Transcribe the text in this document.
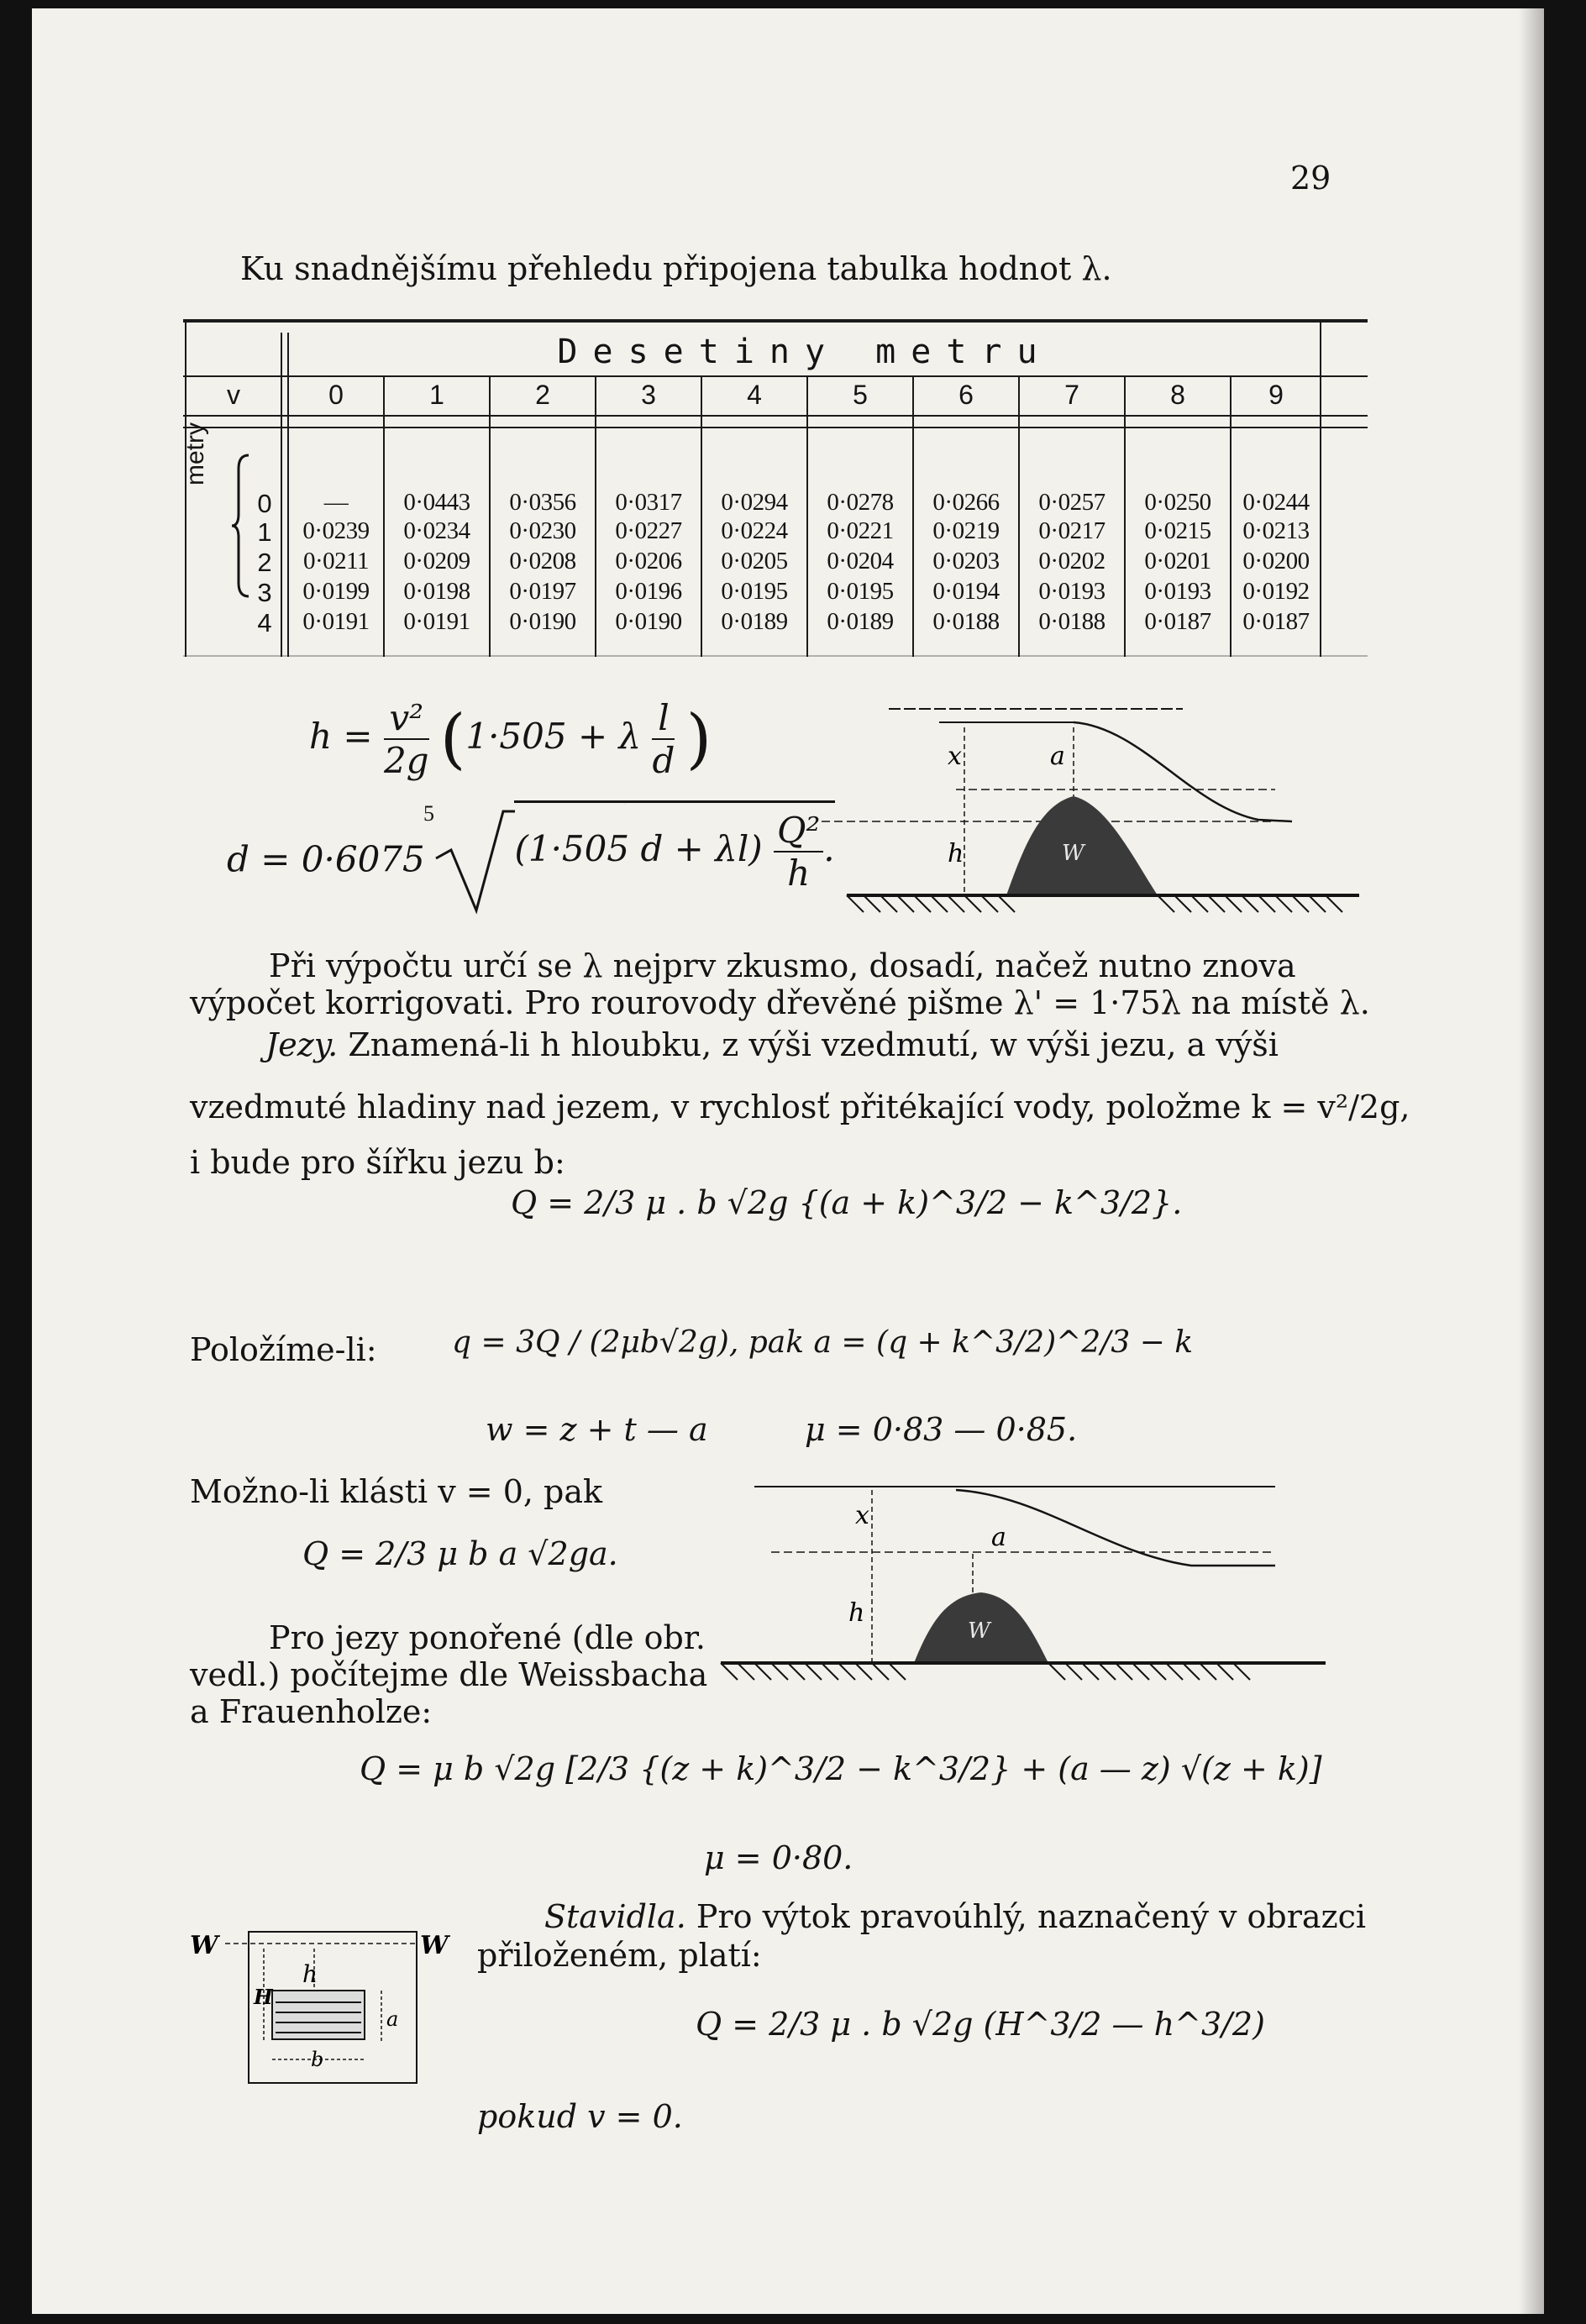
29
Ku snadnějšímu přehledu připojena tabulka hodnot λ.
Desetiny metru
v	0	1	2	3	4	5	6	7	8	9
metry
0	—	0·0443	0·0356	0·0317	0·0294	0·0278	0·0266	0·0257	0·0250	0·0244
1	0·0239	0·0234	0·0230	0·0227	0·0224	0·0221	0·0219	0·0217	0·0215	0·0213
2	0·0211	0·0209	0·0208	0·0206	0·0205	0·0204	0·0203	0·0202	0·0201	0·0200
3	0·0199	0·0198	0·0197	0·0196	0·0195	0·0195	0·0194	0·0193	0·0193	0·0192
4	0·0191	0·0191	0·0190	0·0190	0·0189	0·0189	0·0188	0·0188	0·0187	0·0187
$h = \frac{\text{v²}}{2g} (1\cdot 505 + \lambda \frac{l}{d}$ )
d = 0·6075
5
(1·505 $d + \lambda l) \frac{\text{Q²}}{h}$ .
5
x	a
h	W
Při výpočtu určí se λ nejprv zkusmo, dosadí, načež nutno znova
výpočet korrigovati. Pro rourovody dřevěné pišme λ' = 1·75λ na místě λ.
Jezy. Znamená-li h hloubku, z výši vzedmutí, w výši jezu, a výši
vzedmuté hladiny nad jezem, v rychlosť přitékající vody, položme k = v²/2g,
i bude pro šířku jezu b:
Q = 2/3 μ . b √2g {(a + k)^3/2 − k^3/2}.
Položíme-li: q = 3Q / (2μb√2g), pak a = (q + k^3/2)^2/3 − k
w = z + t — a	μ = 0·83 — 0·85.
Možno-li klásti v = 0, pak
Q = 2/3 μ b a √2ga.
Pro jezy ponořené (dle obr.
vedl.) počítejme dle Weissbacha
a Frauenholze:
x
a
h
W
Q = μ b √2g [2/3 {(z + k)^3/2 − k^3/2} + (a — z) √(z + k)]
μ = 0·80.
Stavidla. Pro výtok pravoúhlý, naznačený v obrazci
přiloženém, platí:
Q = 2/3 μ . b √2g (H^3/2 — h^3/2)
pokud v = 0.
W	W
h
H
a
b
